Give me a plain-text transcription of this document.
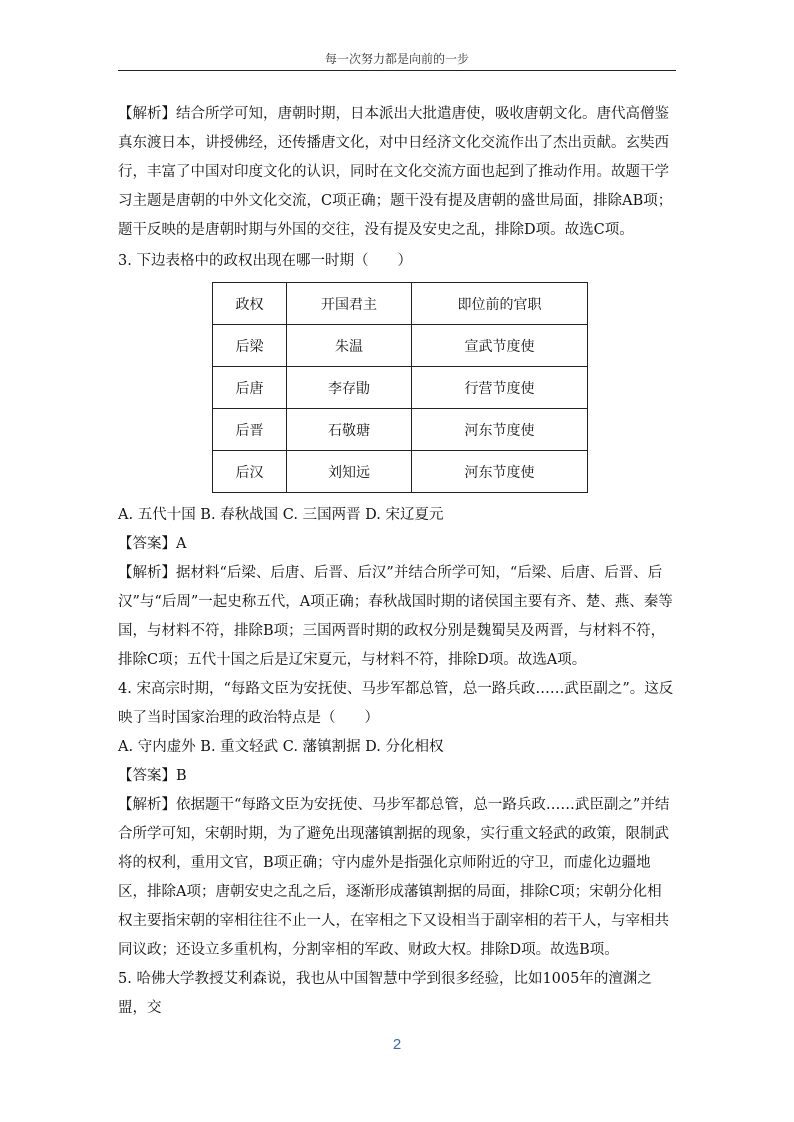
每一次努力都是向前的一步

【解析】结合所学可知，唐朝时期，日本派出大批遣唐使，吸收唐朝文化。唐代高僧鉴真东渡日本，讲授佛经，还传播唐文化，对中日经济文化交流作出了杰出贡献。玄奘西行，丰富了中国对印度文化的认识，同时在文化交流方面也起到了推动作用。故题干学习主题是唐朝的中外文化交流，C项正确；题干没有提及唐朝的盛世局面，排除AB项；题干反映的是唐朝时期与外国的交往，没有提及安史之乱，排除D项。故选C项。

3. 下边表格中的政权出现在哪一时期（　　）

政权	开国君主	即位前的官职
后梁	朱温	宣武节度使
后唐	李存勖	行营节度使
后晋	石敬瑭	河东节度使
后汉	刘知远	河东节度使

A. 五代十国 B. 春秋战国 C. 三国两晋 D. 宋辽夏元

【答案】A

【解析】据材料“后梁、后唐、后晋、后汉”并结合所学可知，“后梁、后唐、后晋、后汉”与“后周”一起史称五代，A项正确；春秋战国时期的诸侯国主要有齐、楚、燕、秦等国，与材料不符，排除B项；三国两晋时期的政权分别是魏蜀吴及两晋，与材料不符，排除C项；五代十国之后是辽宋夏元，与材料不符，排除D项。故选A项。

4. 宋高宗时期，“每路文臣为安抚使、马步军都总管，总一路兵政……武臣副之”。这反映了当时国家治理的政治特点是（　　）

A. 守内虚外 B. 重文轻武 C. 藩镇割据 D. 分化相权

【答案】B

【解析】依据题干“每路文臣为安抚使、马步军都总管，总一路兵政……武臣副之”并结合所学可知，宋朝时期，为了避免出现藩镇割据的现象，实行重文轻武的政策，限制武将的权利，重用文官，B项正确；守内虚外是指强化京师附近的守卫，而虚化边疆地区，排除A项；唐朝安史之乱之后，逐渐形成藩镇割据的局面，排除C项；宋朝分化相权主要指宋朝的宰相往往不止一人，在宰相之下又设相当于副宰相的若干人，与宰相共同议政；还设立多重机构，分割宰相的军政、财政大权。排除D项。故选B项。

5. 哈佛大学教授艾利森说，我也从中国智慧中学到很多经验，比如1005年的澶渊之盟，交

2
